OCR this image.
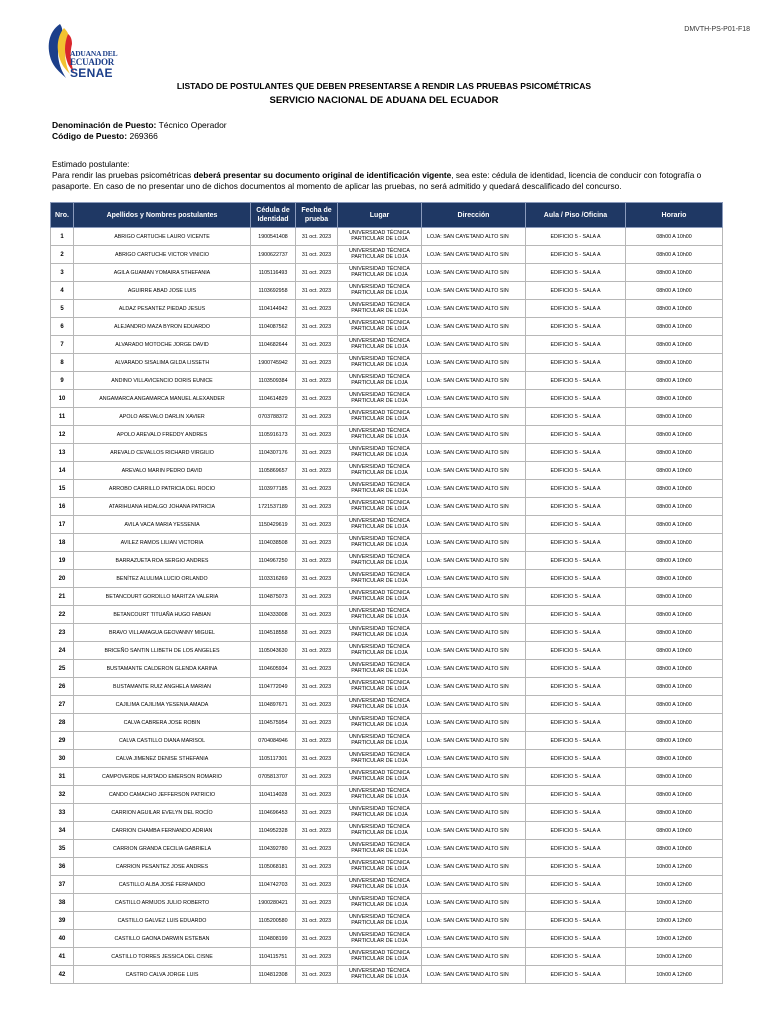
DMVTH-PS-P01-F18
ADUANA DEL
ECUADOR
SENAE
LISTADO DE POSTULANTES QUE DEBEN PRESENTARSE A RENDIR LAS PRUEBAS PSICOMÉTRICAS
SERVICIO NACIONAL DE ADUANA DEL ECUADOR
Denominación de Puesto: Técnico Operador
Código de Puesto: 269366
Estimado postulante:
Para rendir las pruebas psicométricas deberá presentar su documento original de identificación vigente, sea este: cédula de identidad, licencia de conducir con fotografía o pasaporte. En caso de no presentar uno de dichos documentos al momento de aplicar las pruebas, no será admitido y quedará descalificado del concurso.
Nro.	Apellidos y Nombres postulantes	Cédula de Identidad	Fecha de prueba	Lugar	Dirección	Aula / Piso /Oficina	Horario
1	ABRIGO CARTUCHE LAURO VICENTE	1900541408	31 oct. 2023	UNIVERSIDAD TÉCNICA PARTICULAR DE LOJA	LOJA: SAN CAYETANO ALTO SIN	EDIFICIO 5 - SALA A	08h00 A 10h00
2	ABRIGO CARTUCHE VICTOR VINICIO	1900622737	31 oct. 2023	UNIVERSIDAD TÉCNICA PARTICULAR DE LOJA	LOJA: SAN CAYETANO ALTO SIN	EDIFICIO 5 - SALA A	08h00 A 10h00
3	AGILA GUAMAN YOMAIRA STHEFANIA	1105116493	31 oct. 2023	UNIVERSIDAD TÉCNICA PARTICULAR DE LOJA	LOJA: SAN CAYETANO ALTO SIN	EDIFICIO 5 - SALA A	08h00 A 10h00
4	AGUIRRE ABAD JOSE LUIS	1103692958	31 oct. 2023	UNIVERSIDAD TÉCNICA PARTICULAR DE LOJA	LOJA: SAN CAYETANO ALTO SIN	EDIFICIO 5 - SALA A	08h00 A 10h00
5	ALDAZ PESANTEZ PIEDAD JESUS	1104144942	31 oct. 2023	UNIVERSIDAD TÉCNICA PARTICULAR DE LOJA	LOJA: SAN CAYETANO ALTO SIN	EDIFICIO 5 - SALA A	08h00 A 10h00
6	ALEJANDRO MAZA BYRON EDUARDO	1104087562	31 oct. 2023	UNIVERSIDAD TÉCNICA PARTICULAR DE LOJA	LOJA: SAN CAYETANO ALTO SIN	EDIFICIO 5 - SALA A	08h00 A 10h00
7	ALVARADO MOTOCHE JORGE DAVID	1104682644	31 oct. 2023	UNIVERSIDAD TÉCNICA PARTICULAR DE LOJA	LOJA: SAN CAYETANO ALTO SIN	EDIFICIO 5 - SALA A	08h00 A 10h00
8	ALVARADO SISALIMA GILDA LISSETH	1900745942	31 oct. 2023	UNIVERSIDAD TÉCNICA PARTICULAR DE LOJA	LOJA: SAN CAYETANO ALTO SIN	EDIFICIO 5 - SALA A	08h00 A 10h00
9	ANDINO VILLAVICENCIO DORIS EUNICE	1103509384	31 oct. 2023	UNIVERSIDAD TÉCNICA PARTICULAR DE LOJA	LOJA: SAN CAYETANO ALTO SIN	EDIFICIO 5 - SALA A	08h00 A 10h00
10	ANGAMARCA ANGAMARCA MANUEL ALEXANDER	1104614829	31 oct. 2023	UNIVERSIDAD TÉCNICA PARTICULAR DE LOJA	LOJA: SAN CAYETANO ALTO SIN	EDIFICIO 5 - SALA A	08h00 A 10h00
11	APOLO AREVALO DARLIN XAVIER	0703788372	31 oct. 2023	UNIVERSIDAD TÉCNICA PARTICULAR DE LOJA	LOJA: SAN CAYETANO ALTO SIN	EDIFICIO 5 - SALA A	08h00 A 10h00
12	APOLO AREVALO FREDDY ANDRES	1105916173	31 oct. 2023	UNIVERSIDAD TÉCNICA PARTICULAR DE LOJA	LOJA: SAN CAYETANO ALTO SIN	EDIFICIO 5 - SALA A	08h00 A 10h00
13	AREVALO CEVALLOS RICHARD VIRGILIO	1104307176	31 oct. 2023	UNIVERSIDAD TÉCNICA PARTICULAR DE LOJA	LOJA: SAN CAYETANO ALTO SIN	EDIFICIO 5 - SALA A	08h00 A 10h00
14	AREVALO MARIN PEDRO DAVID	1105869657	31 oct. 2023	UNIVERSIDAD TÉCNICA PARTICULAR DE LOJA	LOJA: SAN CAYETANO ALTO SIN	EDIFICIO 5 - SALA A	08h00 A 10h00
15	ARROBO CARRILLO PATRICIA DEL ROCIO	1103977185	31 oct. 2023	UNIVERSIDAD TÉCNICA PARTICULAR DE LOJA	LOJA: SAN CAYETANO ALTO SIN	EDIFICIO 5 - SALA A	08h00 A 10h00
16	ATARIHUANA HIDALGO JOHANA PATRICIA	1721537189	31 oct. 2023	UNIVERSIDAD TÉCNICA PARTICULAR DE LOJA	LOJA: SAN CAYETANO ALTO SIN	EDIFICIO 5 - SALA A	08h00 A 10h00
17	AVILA VACA MARIA YESSENIA	1150429619	31 oct. 2023	UNIVERSIDAD TÉCNICA PARTICULAR DE LOJA	LOJA: SAN CAYETANO ALTO SIN	EDIFICIO 5 - SALA A	08h00 A 10h00
18	AVILEZ RAMOS LILIAN VICTORIA	1104038508	31 oct. 2023	UNIVERSIDAD TÉCNICA PARTICULAR DE LOJA	LOJA: SAN CAYETANO ALTO SIN	EDIFICIO 5 - SALA A	08h00 A 10h00
19	BARRAZUETA ROA SERGIO ANDRES	1104967250	31 oct. 2023	UNIVERSIDAD TÉCNICA PARTICULAR DE LOJA	LOJA: SAN CAYETANO ALTO SIN	EDIFICIO 5 - SALA A	08h00 A 10h00
20	BENÍTEZ ALULIMA LUCIO ORLANDO	1103316269	31 oct. 2023	UNIVERSIDAD TÉCNICA PARTICULAR DE LOJA	LOJA: SAN CAYETANO ALTO SIN	EDIFICIO 5 - SALA A	08h00 A 10h00
21	BETANCOURT GORDILLO MARITZA VALERIA	1104875073	31 oct. 2023	UNIVERSIDAD TÉCNICA PARTICULAR DE LOJA	LOJA: SAN CAYETANO ALTO SIN	EDIFICIO 5 - SALA A	08h00 A 10h00
22	BETANCOURT TITUAÑA HUGO FABIAN	1104333008	31 oct. 2023	UNIVERSIDAD TÉCNICA PARTICULAR DE LOJA	LOJA: SAN CAYETANO ALTO SIN	EDIFICIO 5 - SALA A	08h00 A 10h00
23	BRAVO VILLAMAGUA GEOVANNY MIGUEL	1104518558	31 oct. 2023	UNIVERSIDAD TÉCNICA PARTICULAR DE LOJA	LOJA: SAN CAYETANO ALTO SIN	EDIFICIO 5 - SALA A	08h00 A 10h00
24	BRICEÑO SANTIN LLIBETH DE LOS ANGELES	1105043630	31 oct. 2023	UNIVERSIDAD TÉCNICA PARTICULAR DE LOJA	LOJA: SAN CAYETANO ALTO SIN	EDIFICIO 5 - SALA A	08h00 A 10h00
25	BUSTAMANTE CALDERON GLENDA KARINA	1104605934	31 oct. 2023	UNIVERSIDAD TÉCNICA PARTICULAR DE LOJA	LOJA: SAN CAYETANO ALTO SIN	EDIFICIO 5 - SALA A	08h00 A 10h00
26	BUSTAMANTE RUIZ ANGHELA MARIAN	1104772049	31 oct. 2023	UNIVERSIDAD TÉCNICA PARTICULAR DE LOJA	LOJA: SAN CAYETANO ALTO SIN	EDIFICIO 5 - SALA A	08h00 A 10h00
27	CAJILIMA CAJILIMA YESENIA AMADA	1104897671	31 oct. 2023	UNIVERSIDAD TÉCNICA PARTICULAR DE LOJA	LOJA: SAN CAYETANO ALTO SIN	EDIFICIO 5 - SALA A	08h00 A 10h00
28	CALVA CABRERA JOSE ROBIN	1104575954	31 oct. 2023	UNIVERSIDAD TÉCNICA PARTICULAR DE LOJA	LOJA: SAN CAYETANO ALTO SIN	EDIFICIO 5 - SALA A	08h00 A 10h00
29	CALVA CASTILLO DIANA MARISOL	0704084946	31 oct. 2023	UNIVERSIDAD TÉCNICA PARTICULAR DE LOJA	LOJA: SAN CAYETANO ALTO SIN	EDIFICIO 5 - SALA A	08h00 A 10h00
30	CALVA JIMENEZ DENISE STHEFANIA	1105117301	31 oct. 2023	UNIVERSIDAD TÉCNICA PARTICULAR DE LOJA	LOJA: SAN CAYETANO ALTO SIN	EDIFICIO 5 - SALA A	08h00 A 10h00
31	CAMPOVERDE HURTADO EMERSON ROMARIO	0705813707	31 oct. 2023	UNIVERSIDAD TÉCNICA PARTICULAR DE LOJA	LOJA: SAN CAYETANO ALTO SIN	EDIFICIO 5 - SALA A	08h00 A 10h00
32	CANDO CAMACHO JEFFERSON PATRICIO	1104114028	31 oct. 2023	UNIVERSIDAD TÉCNICA PARTICULAR DE LOJA	LOJA: SAN CAYETANO ALTO SIN	EDIFICIO 5 - SALA A	08h00 A 10h00
33	CARRION AGUILAR EVELYN DEL ROCÍO	1104696453	31 oct. 2023	UNIVERSIDAD TÉCNICA PARTICULAR DE LOJA	LOJA: SAN CAYETANO ALTO SIN	EDIFICIO 5 - SALA A	08h00 A 10h00
34	CARRION CHAMBA FERNANDO ADRIAN	1104952328	31 oct. 2023	UNIVERSIDAD TÉCNICA PARTICULAR DE LOJA	LOJA: SAN CAYETANO ALTO SIN	EDIFICIO 5 - SALA A	08h00 A 10h00
35	CARRION GRANDA CECILIA GABRIELA	1104392780	31 oct. 2023	UNIVERSIDAD TÉCNICA PARTICULAR DE LOJA	LOJA: SAN CAYETANO ALTO SIN	EDIFICIO 5 - SALA A	08h00 A 10h00
36	CARRION PESANTEZ JOSE ANDRES	1105068181	31 oct. 2023	UNIVERSIDAD TÉCNICA PARTICULAR DE LOJA	LOJA: SAN CAYETANO ALTO SIN	EDIFICIO 5 - SALA A	10h00 A 12h00
37	CASTILLO ALBA JOSÉ FERNANDO	1104742703	31 oct. 2023	UNIVERSIDAD TÉCNICA PARTICULAR DE LOJA	LOJA: SAN CAYETANO ALTO SIN	EDIFICIO 5 - SALA A	10h00 A 12h00
38	CASTILLO ARMIJOS JULIO ROBERTO	1900280421	31 oct. 2023	UNIVERSIDAD TÉCNICA PARTICULAR DE LOJA	LOJA: SAN CAYETANO ALTO SIN	EDIFICIO 5 - SALA A	10h00 A 12h00
39	CASTILLO GALVEZ LUIS EDUARDO	1105200580	31 oct. 2023	UNIVERSIDAD TÉCNICA PARTICULAR DE LOJA	LOJA: SAN CAYETANO ALTO SIN	EDIFICIO 5 - SALA A	10h00 A 12h00
40	CASTILLO GAONA DARWIN ESTEBAN	1104808199	31 oct. 2023	UNIVERSIDAD TÉCNICA PARTICULAR DE LOJA	LOJA: SAN CAYETANO ALTO SIN	EDIFICIO 5 - SALA A	10h00 A 12h00
41	CASTILLO TORRES JESSICA DEL CISNE	1104115751	31 oct. 2023	UNIVERSIDAD TÉCNICA PARTICULAR DE LOJA	LOJA: SAN CAYETANO ALTO SIN	EDIFICIO 5 - SALA A	10h00 A 12h00
42	CASTRO CALVA JORGE LUIS	1104812308	31 oct. 2023	UNIVERSIDAD TÉCNICA PARTICULAR DE LOJA	LOJA: SAN CAYETANO ALTO SIN	EDIFICIO 5 - SALA A	10h00 A 12h00
